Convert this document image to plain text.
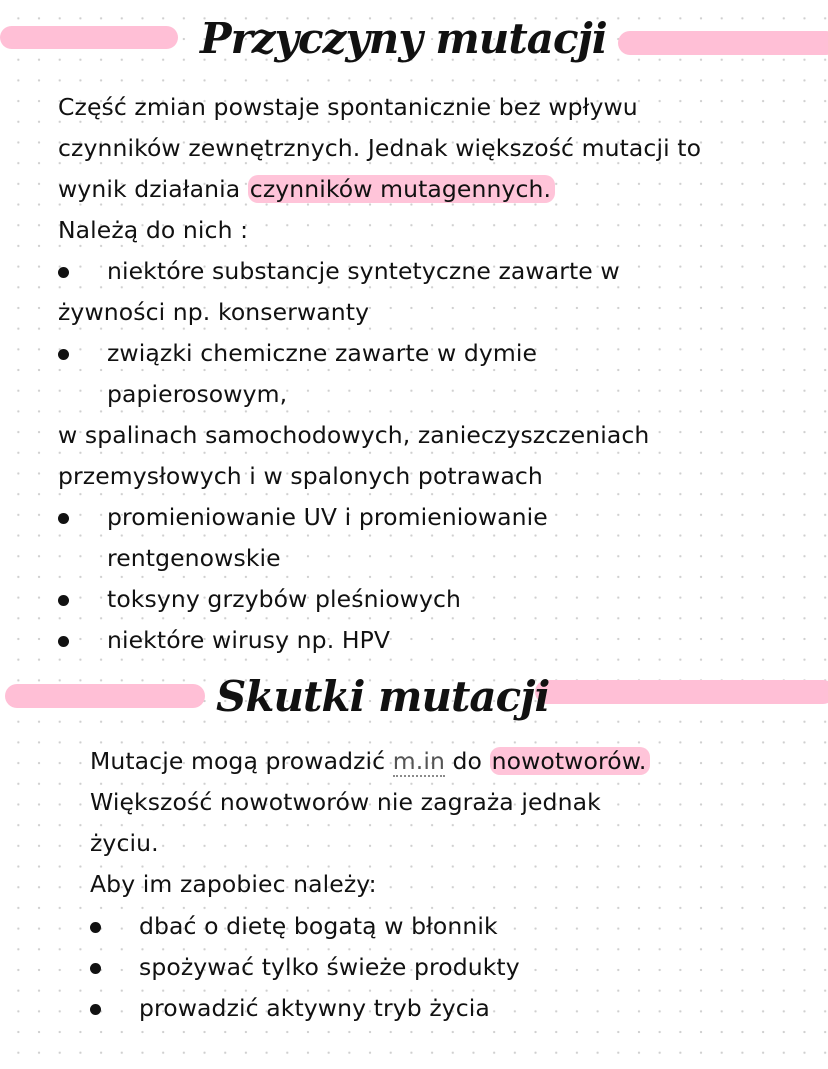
Przyczyny mutacji
Część zmian powstaje spontanicznie bez wpływu
czynników zewnętrznych. Jednak większość mutacji to
wynik działania czynników mutagennych.
Należą do nich :
niektóre substancje syntetyczne zawarte w
żywności np. konserwanty
związki chemiczne zawarte w dymie
papierosowym,
w spalinach samochodowych, zanieczyszczeniach
przemysłowych i w spalonych potrawach
promieniowanie UV i promieniowanie
rentgenowskie
toksyny grzybów pleśniowych
niektóre wirusy np. HPV
Skutki mutacji
Mutacje mogą prowadzić m.in do nowotworów.
Większość nowotworów nie zagraża jednak
życiu.
Aby im zapobiec należy:
dbać o dietę bogatą w błonnik
spożywać tylko świeże produkty
prowadzić aktywny tryb życia
